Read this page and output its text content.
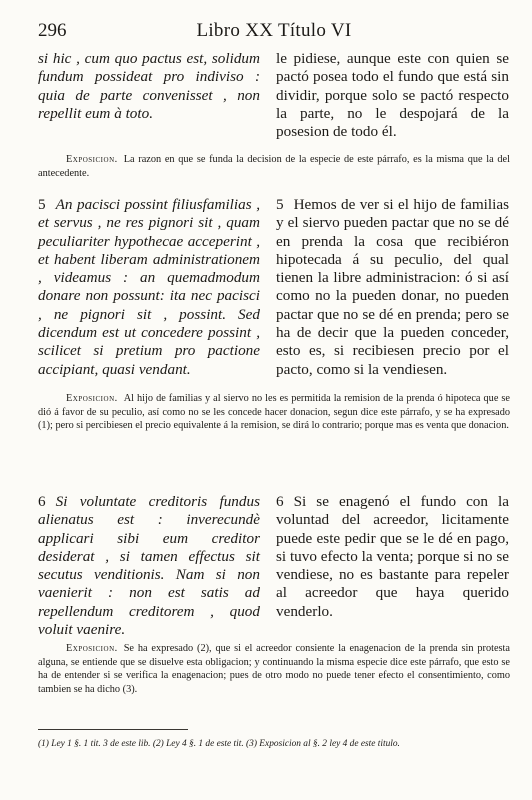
296	Libro XX Título VI

si hic , cum quo pactus est, solidum fundum possideat pro indiviso : quia de parte convenisset , non repellit eum à toto.

le pidiese, aunque este con quien se pactó posea todo el fundo que está sin dividir, porque solo se pactó respecto la parte, no le despojará de la posesion de todo él.

Exposicion. La razon en que se funda la decision de la especie de este párrafo, es la misma que la del antecedente.

5 An pacisci possint filiusfamilias , et servus , ne res pignori sit , quam peculiariter hypothecae acceperint , et habent liberam administrationem , videamus : an quemadmodum donare non possunt: ita nec pacisci , ne pignori sit , possint. Sed dicendum est ut concedere possint , scilicet si pretium pro pactione accipiant, quasi vendant.

5 Hemos de ver si el hijo de familias y el siervo pueden pactar que no se dé en prenda la cosa que recibiéron hipotecada á su peculio, del qual tienen la libre administracion: ó si así como no la pueden donar, no pueden pactar que no se dé en prenda; pero se ha de decir que la pueden conceder, esto es, si recibiesen precio por el pacto, como si la vendiesen.

Exposicion. Al hijo de familias y al siervo no les es permitida la remision de la prenda ó hipoteca que se dió á favor de su peculio, así como no se les concede hacer donacion, segun dice este párrafo, y se ha expresado (1); pero si percibiesen el precio equivalente á la remision, se dirá lo contrario; porque mas es venta que donacion.

6 Si voluntate creditoris fundus alienatus est : inverecundè applicari sibi eum creditor desiderat , si tamen effectus sit secutus venditionis. Nam si non vaenierit : non est satis ad repellendum creditorem , quod voluit vaenire.

6 Si se enagenó el fundo con la voluntad del acreedor, licitamente puede este pedir que se le dé en pago, si tuvo efecto la venta; porque si no se vendiese, no es bastante para repeler al acreedor que haya querido venderlo.

Exposicion. Se ha expresado (2), que si el acreedor consiente la enagenacion de la prenda sin protesta alguna, se entiende que se disuelve esta obligacion; y continuando la misma especie dice este párrafo, que esto se ha de entender si se verifica la enagenacion; pues de otro modo no puede tener efecto el consentimiento, como tambien se ha dicho (3).

(1) Ley 1 §. 1 tit. 3 de este lib. (2) Ley 4 §. 1 de este tit. (3) Exposicion al §. 2 ley 4 de este titulo.
